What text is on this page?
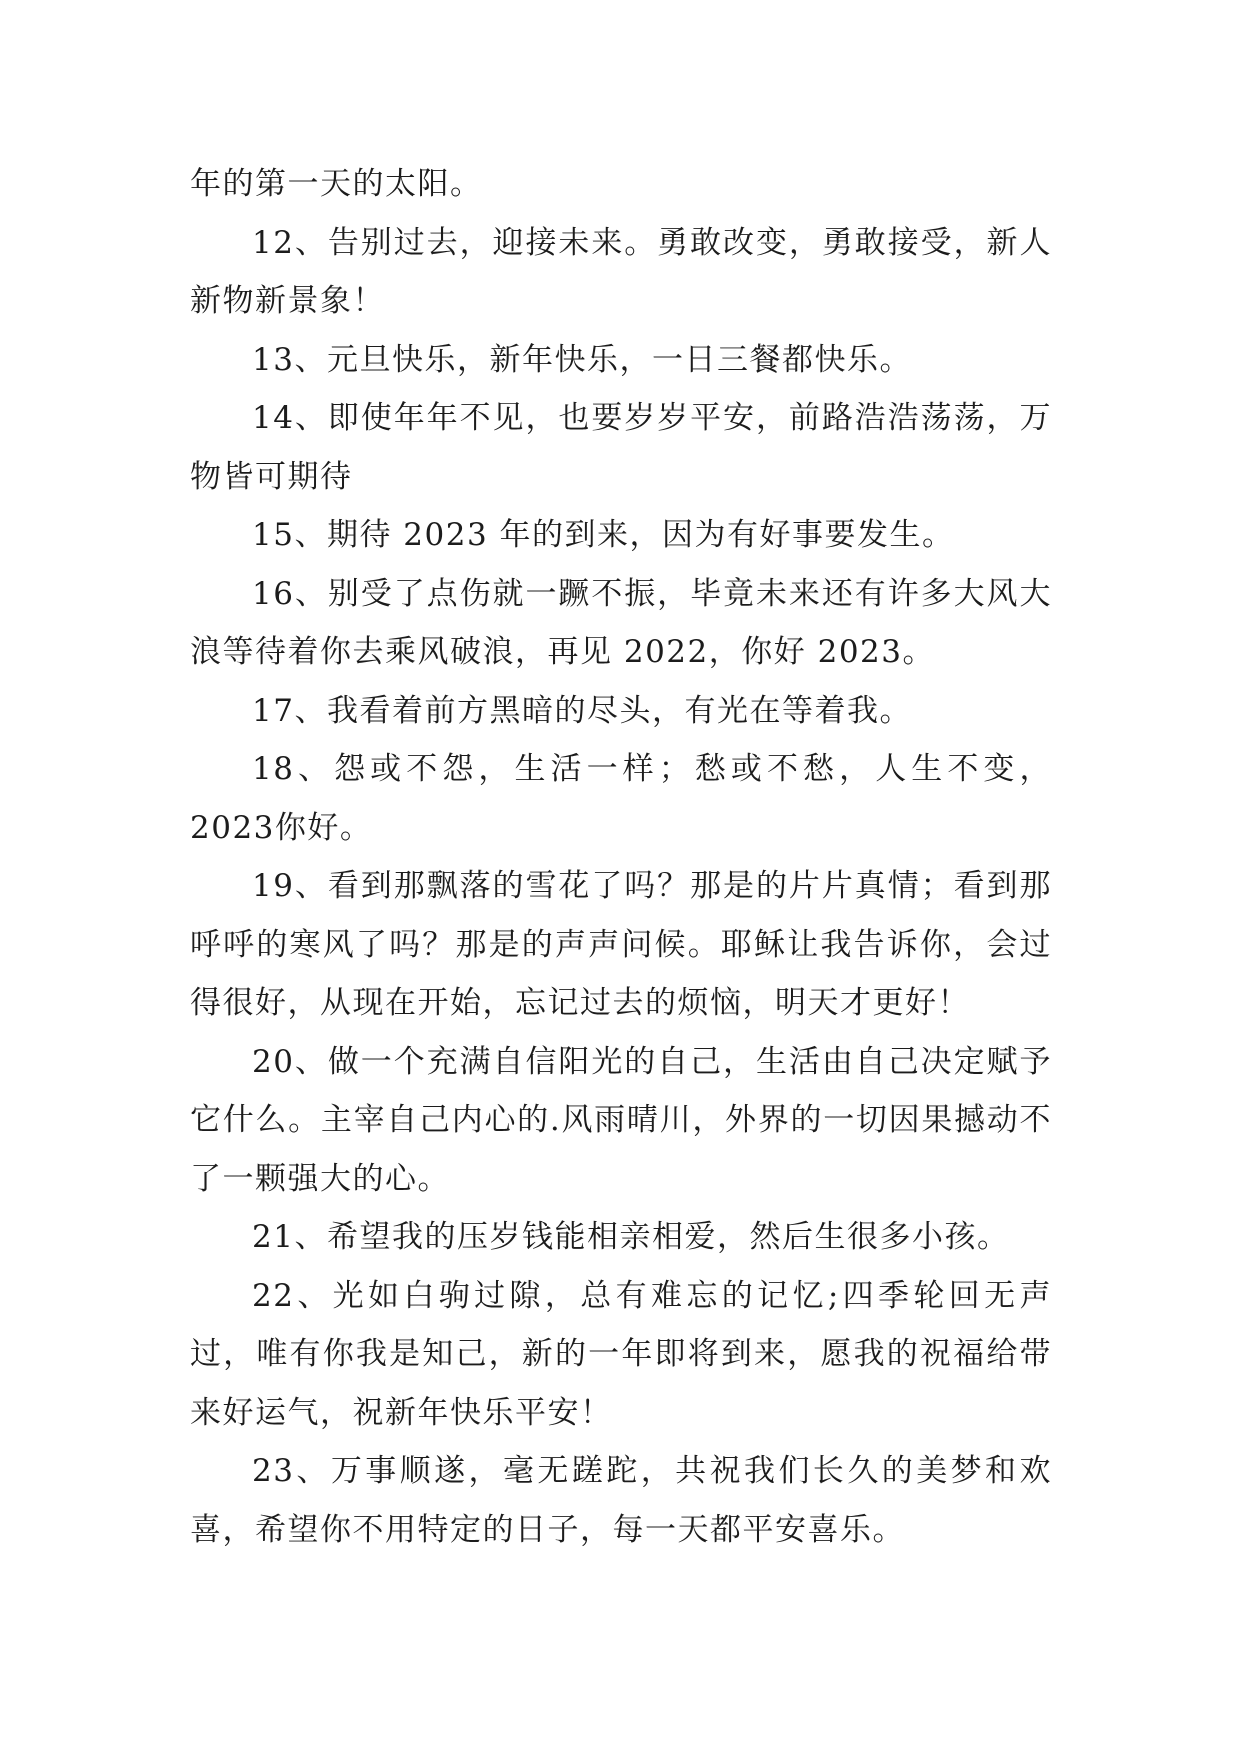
年的第一天的太阳。

12、告别过去，迎接未来。勇敢改变，勇敢接受，新人新物新景象！

13、元旦快乐，新年快乐，一日三餐都快乐。

14、即使年年不见，也要岁岁平安，前路浩浩荡荡，万物皆可期待

15、期待 2023 年的到来，因为有好事要发生。

16、别受了点伤就一蹶不振，毕竟未来还有许多大风大浪等待着你去乘风破浪，再见 2022，你好 2023。

17、我看着前方黑暗的尽头，有光在等着我。

18、怨或不怨，生活一样；愁或不愁，人生不变，2023你好。

19、看到那飘落的雪花了吗？那是的片片真情；看到那呼呼的寒风了吗？那是的声声问候。耶稣让我告诉你，会过得很好，从现在开始，忘记过去的烦恼，明天才更好！

20、做一个充满自信阳光的自己，生活由自己决定赋予它什么。主宰自己内心的.风雨晴川，外界的一切因果撼动不了一颗强大的心。

21、希望我的压岁钱能相亲相爱，然后生很多小孩。

22、光如白驹过隙，总有难忘的记忆;四季轮回无声过，唯有你我是知己，新的一年即将到来，愿我的祝福给带来好运气，祝新年快乐平安！

23、万事顺遂，毫无蹉跎，共祝我们长久的美梦和欢喜，希望你不用特定的日子，每一天都平安喜乐。
